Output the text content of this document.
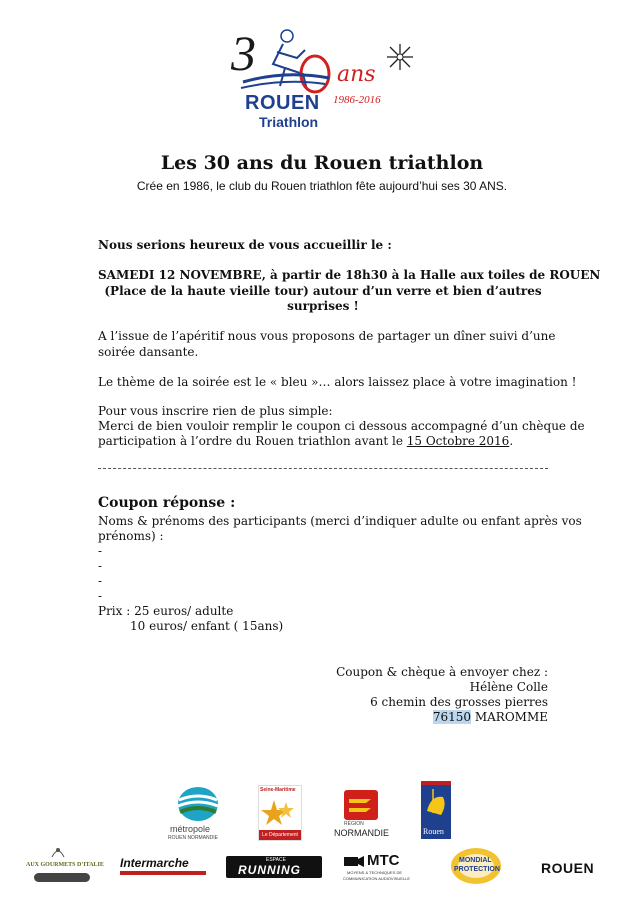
3
ROUEN
Triathlon
ans
1986-2016
Les 30 ans du Rouen triathlon
Crée en 1986, le club du Rouen triathlon fête aujourd’hui ses 30 ANS.
Nous serions heureux de vous accueillir le :
SAMEDI 12 NOVEMBRE, à partir de 18h30 à la Halle aux toiles de ROUEN
(Place de la haute vieille tour) autour d’un verre et bien d’autres
surprises !
A l’issue de l’apéritif nous vous proposons de partager un dîner suivi d’une
soirée dansante.
Le thème de la soirée est le « bleu »… alors laissez place à votre imagination !
Pour vous inscrire rien de plus simple:
Merci de bien vouloir remplir le coupon ci dessous accompagné d’un chèque de
participation à l’ordre du Rouen triathlon avant le 15 Octobre 2016.
Coupon réponse :
Noms & prénoms des participants (merci d’indiquer adulte ou enfant après vos
prénoms) :
-
-
-
-
Prix : 25 euros/ adulte
10 euros/ enfant ( 15ans)
Coupon & chèque à envoyer chez :
Hélène Colle
6 chemin des grosses pierres
76150 MAROMME
métropole
ROUEN NORMANDIE
Seine-Maritime
Le Département
RÉGION
NORMANDIE	Rouen
AUX GOURMETS D’ITALIE Intermarche	ESPACE
RUNNING
MTC
MOYENS & TECHNIQUES DE
COMMUNICATION AUDIOVISUELLE
MONDIAL
PROTECTION	ROUEN
